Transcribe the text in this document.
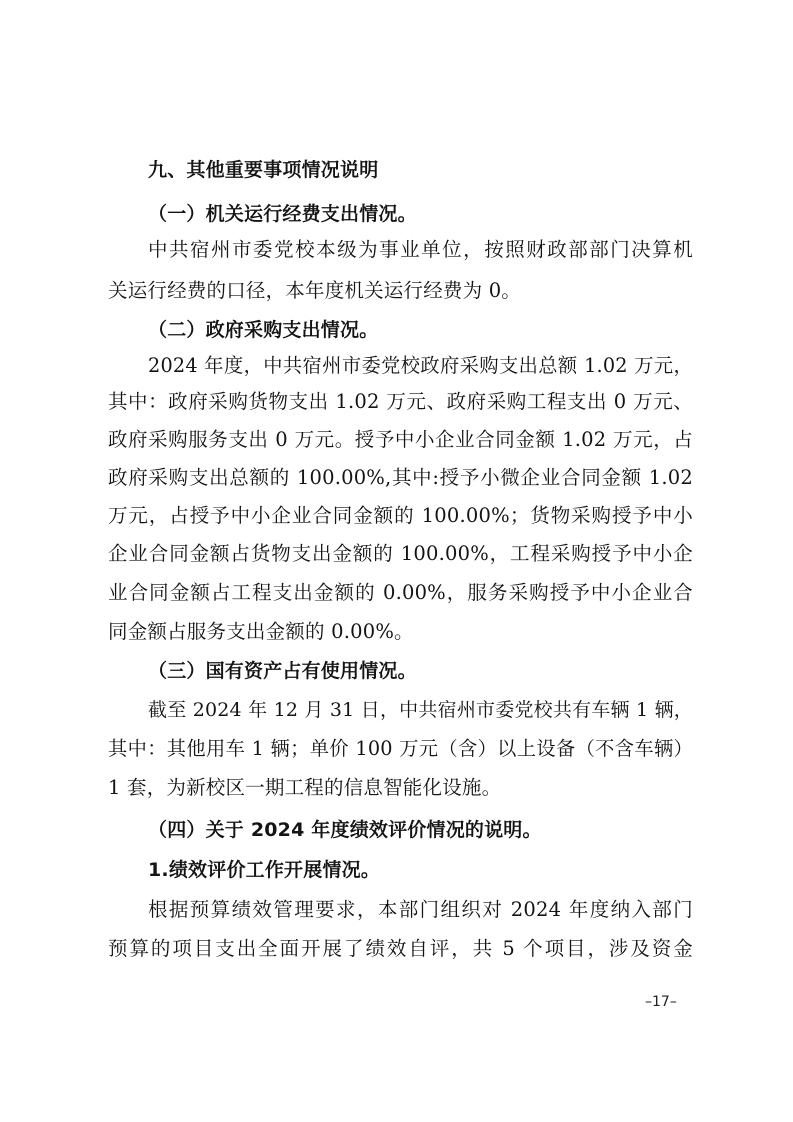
九、其他重要事项情况说明
（一）机关运行经费支出情况。
中共宿州市委党校本级为事业单位，按照财政部部门决算机
关运行经费的口径，本年度机关运行经费为 0。
（二）政府采购支出情况。
2024 年度，中共宿州市委党校政府采购支出总额 1.02 万元，
其中：政府采购货物支出 1.02 万元、政府采购工程支出 0 万元、
政府采购服务支出 0 万元。授予中小企业合同金额 1.02 万元，占
政府采购支出总额的 100.00%,其中:授予小微企业合同金额 1.02
万元，占授予中小企业合同金额的 100.00%；货物采购授予中小
企业合同金额占货物支出金额的 100.00%，工程采购授予中小企
业合同金额占工程支出金额的 0.00%，服务采购授予中小企业合
同金额占服务支出金额的 0.00%。
（三）国有资产占有使用情况。
截至 2024 年 12 月 31 日，中共宿州市委党校共有车辆 1 辆，
其中：其他用车 1 辆；单价 100 万元（含）以上设备（不含车辆）
1 套，为新校区一期工程的信息智能化设施。
（四）关于 2024 年度绩效评价情况的说明。
1.绩效评价工作开展情况。
根据预算绩效管理要求，本部门组织对 2024 年度纳入部门
预算的项目支出全面开展了绩效自评，共 5 个项目，涉及资金
–17–
